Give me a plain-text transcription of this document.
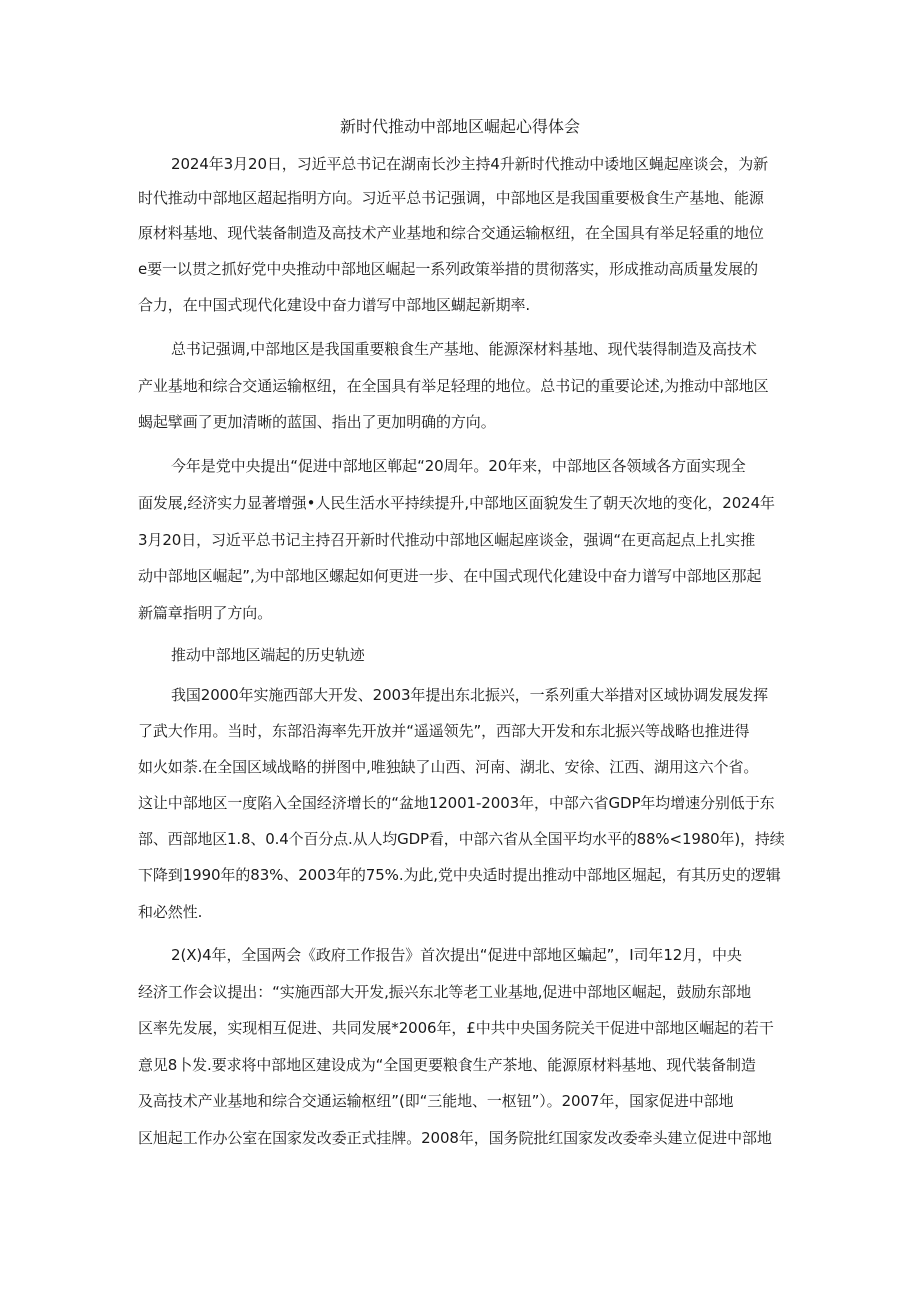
新时代推动中部地区崛起心得体会
2024年3月20日，习近平总书记在湖南长沙主持4升新时代推动中诿地区蝇起座谈会，为新
时代推动中部地区超起指明方向。习近平总书记强调，中部地区是我国重要极食生产基地、能源
原材料基地、现代装备制造及高技术产业基地和综合交通运输枢纽，在全国具有举足轻重的地位
e要一以贯之抓好党中央推动中部地区崛起一系列政策举措的贯彻落实，形成推动高质量发展的
合力，在中国式现代化建设中奋力谱写中部地区蝴起新期率.
总书记强调,中部地区是我国重要粮食生产基地、能源深材料基地、现代装得制造及高技术
产业基地和综合交通运输枢纽，在全国具有举足轻理的地位。总书记的重要论述,为推动中部地区
蝎起擘画了更加清晰的蓝国、指出了更加明确的方向。
今年是党中央提出“促进中部地区郸起“20周年。20年来，中部地区各领域各方面实现全
面发展,经济实力显著增强•人民生活水平持续提升,中部地区面貌发生了朝天次地的变化，2024年
3月20日，习近平总书记主持召开新时代推动中部地区崛起座谈金，强调“在更高起点上扎实推
动中部地区崛起”,为中部地区螺起如何更进一步、在中国式现代化建设中奋力谱写中部地区那起
新篇章指明了方向。
推动中部地区端起的历史轨迹
我国2000年实施西部大开发、2003年提出东北振兴，一系列重大举措对区域协调发展发挥
了武大作用。当时，东部沿海率先开放并“遥遥领先”，西部大开发和东北振兴等战略也推进得
如火如荼.在全国区域战略的拼图中,唯独缺了山西、河南、湖北、安徐、江西、湖用这六个省。
这让中部地区一度陷入全国经济增长的“盆地12001-2003年，中部六省GDP年均增速分别低于东
部、西部地区1.8、0.4个百分点.从人均GDP看，中部六省从全国平均水平的88%<1980年)，持续
下降到1990年的83%、2003年的75%.为此,党中央适时提出推动中部地区堀起，有其历史的逻辑
和必然性.
2(X)4年，全国两会《政府工作报告》首次提出“促进中部地区蝙起”，I司年12月，中央
经济工作会议提出：“实施西部大开发,振兴东北等老工业基地,促进中部地区崛起，鼓励东部地
区率先发展，实现相互促进、共同发展*2006年，£中共中央国务院关干促进中部地区崛起的若干
意见8卜发.要求将中部地区建设成为“全国更要粮食生产茶地、能源原材料基地、现代装备制造
及高技术产业基地和综合交通运输枢纽”(即“三能地、一枢钮”）。2007年，国家促进中部地
区旭起工作办公室在国家发改委正式挂牌。2008年，国务院批红国家发改委牵头建立促进中部地
